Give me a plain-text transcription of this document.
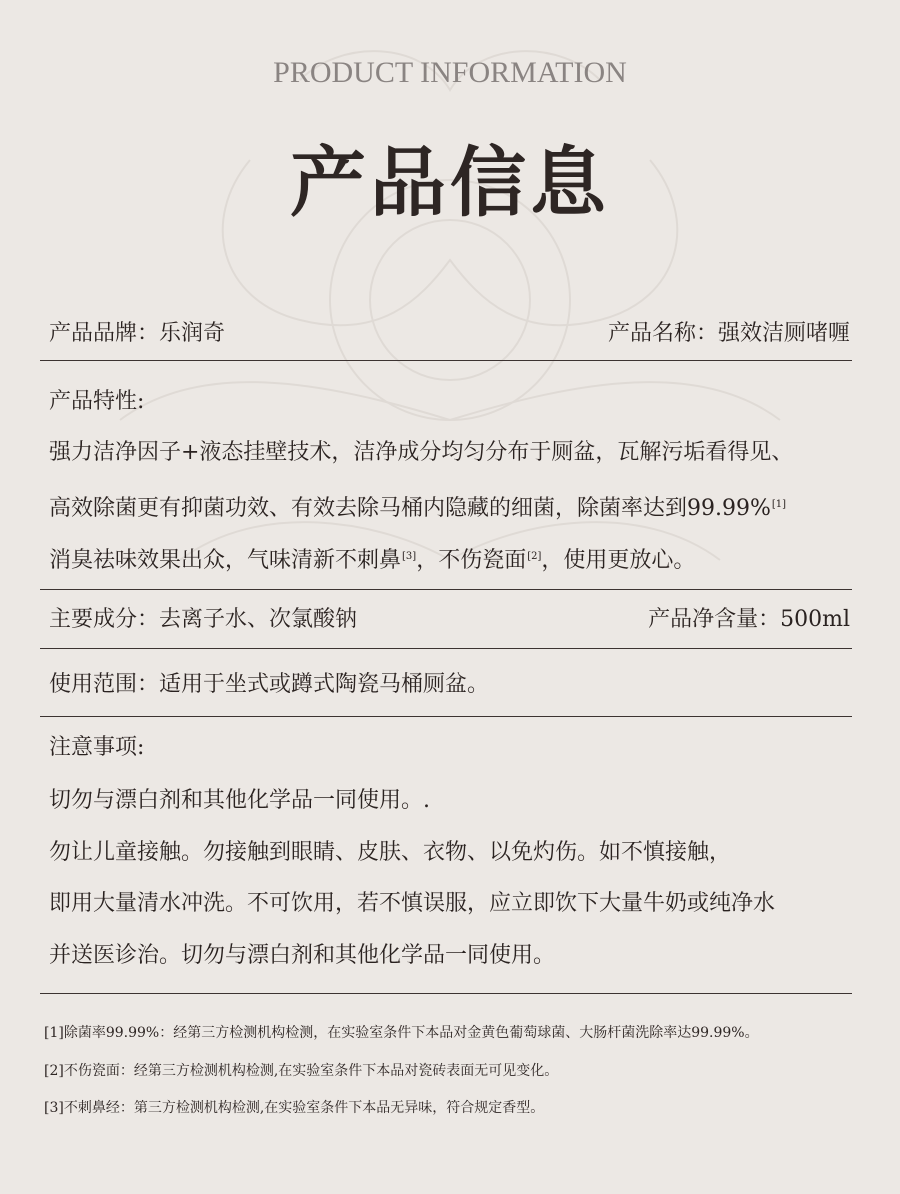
PRODUCT INFORMATION
产品信息
产品品牌：乐润奇	产品名称：强效洁厕啫喱
产品特性:
强力洁净因子+液态挂壁技术，洁净成分均匀分布于厕盆，瓦解污垢看得见、
高效除菌更有抑菌功效、有效去除马桶内隐藏的细菌，除菌率达到99.99%[1]
消臭祛味效果出众，气味清新不刺鼻[3]，不伤瓷面[2]，使用更放心。
主要成分：去离子水、次氯酸钠	产品净含量：500ml
使用范围：适用于坐式或蹲式陶瓷马桶厕盆。
注意事项:
切勿与漂白剂和其他化学品一同使用。.
勿让儿童接触。勿接触到眼睛、皮肤、衣物、以免灼伤。如不慎接触，
即用大量清水冲洗。不可饮用，若不慎误服，应立即饮下大量牛奶或纯净水
并送医诊治。切勿与漂白剂和其他化学品一同使用。
[1]除菌率99.99%：经第三方检测机构检测，在实验室条件下本品对金黄色葡萄球菌、大肠杆菌洗除率达99.99%。
[2]不伤瓷面：经第三方检测机构检测,在实验室条件下本品对瓷砖表面无可见变化。
[3]不刺鼻经：第三方检测机构检测,在实验室条件下本品无异味，符合规定香型。
